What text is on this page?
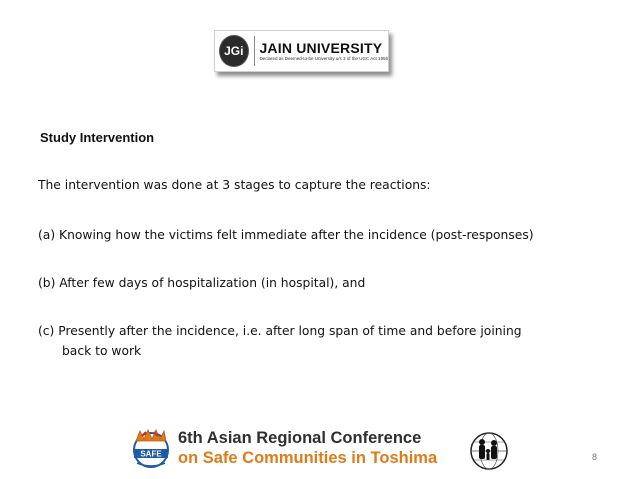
JGi JAIN UNIVERSITY
Declared as Deemed-to-be University u/s 3 of the UGC Act 1956
Study Intervention
The intervention was done at 3 stages to capture the reactions:
(a) Knowing how the victims felt immediate after the incidence (post-responses)
(b) After few days of hospitalization (in hospital), and
(c) Presently after the incidence, i.e. after long span of time and before joining
back to work
SAFE
6th Asian Regional Conference
on Safe Communities in Toshima	8
